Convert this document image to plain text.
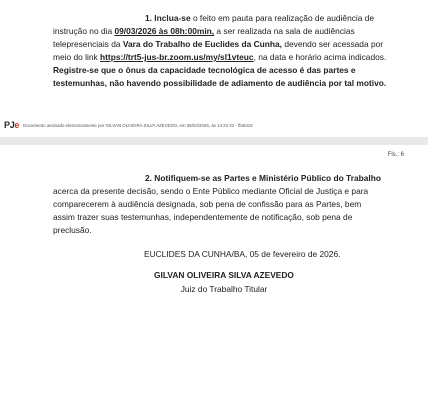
1. Inclua-se o feito em pauta para realização de audiência de
instrução no dia 09/03/2026 às 08h:00min, a ser realizada na sala de audiências
telepresenciais da Vara do Trabalho de Euclides da Cunha, devendo ser acessada por
meio do link https://trt5-jus-br.zoom.us/my/sl1vteuc, na data e horário acima indicados.
Registre-se que o ônus da capacidade tecnológica de acesso é das partes e
testemunhas, não havendo possibilidade de adiamento de audiência por tal motivo.
PJe Documento assinado eletronicamente por GILVAN OLIVEIRA SILVA AZEVEDO, em 05/02/2026, às 14:22:32 - ffa8318
Fls.: 6
2. Notifiquem-se as Partes e Ministério Público do Trabalho
acerca da presente decisão, sendo o Ente Público mediante Oficial de Justiça e para
comparecerem à audiência designada, sob pena de confissão para as Partes, bem
assim trazer suas testemunhas, independentemente de notificação, sob pena de
preclusão.
EUCLIDES DA CUNHA/BA, 05 de fevereiro de 2026.
GILVAN OLIVEIRA SILVA AZEVEDO
Juiz do Trabalho Titular
